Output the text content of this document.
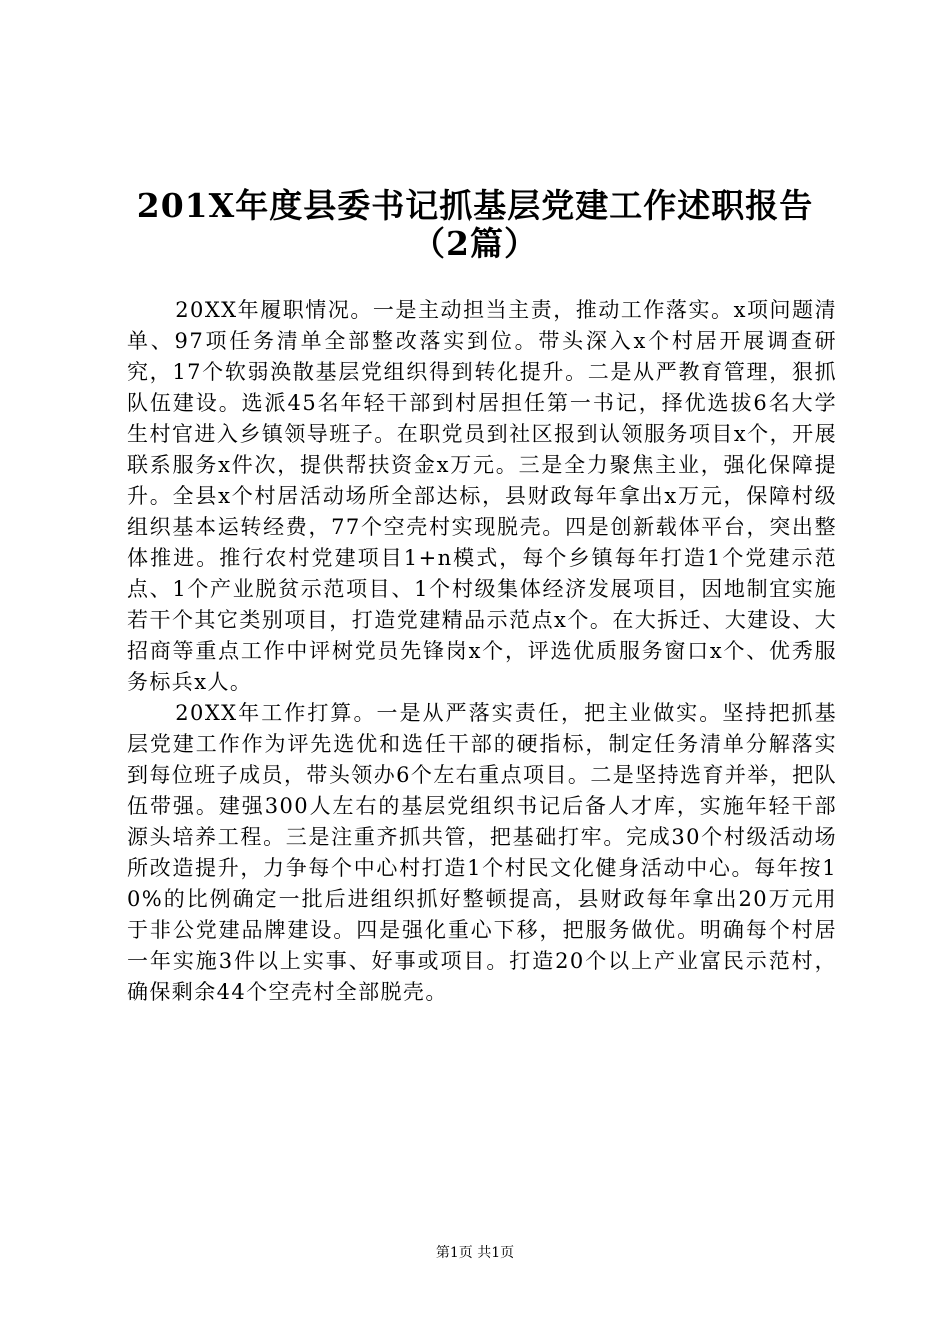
201X年度县委书记抓基层党建工作述职报告
（2篇）

20XX年履职情况。一是主动担当主责，推动工作落实。x项问题清单、97项任务清单全部整改落实到位。带头深入x个村居开展调查研究，17个软弱涣散基层党组织得到转化提升。二是从严教育管理，狠抓队伍建设。选派45名年轻干部到村居担任第一书记，择优选拔6名大学生村官进入乡镇领导班子。在职党员到社区报到认领服务项目x个，开展联系服务x件次，提供帮扶资金x万元。三是全力聚焦主业，强化保障提升。全县x个村居活动场所全部达标，县财政每年拿出x万元，保障村级组织基本运转经费，77个空壳村实现脱壳。四是创新载体平台，突出整体推进。推行农村党建项目1+n模式，每个乡镇每年打造1个党建示范点、1个产业脱贫示范项目、1个村级集体经济发展项目，因地制宜实施若干个其它类别项目，打造党建精品示范点x个。在大拆迁、大建设、大招商等重点工作中评树党员先锋岗x个，评选优质服务窗口x个、优秀服务标兵x人。

20XX年工作打算。一是从严落实责任，把主业做实。坚持把抓基层党建工作作为评先选优和选任干部的硬指标，制定任务清单分解落实到每位班子成员，带头领办6个左右重点项目。二是坚持选育并举，把队伍带强。建强300人左右的基层党组织书记后备人才库，实施年轻干部源头培养工程。三是注重齐抓共管，把基础打牢。完成30个村级活动场所改造提升，力争每个中心村打造1个村民文化健身活动中心。每年按10%的比例确定一批后进组织抓好整顿提高，县财政每年拿出20万元用于非公党建品牌建设。四是强化重心下移，把服务做优。明确每个村居一年实施3件以上实事、好事或项目。打造20个以上产业富民示范村，确保剩余44个空壳村全部脱壳。

第1页 共1页
